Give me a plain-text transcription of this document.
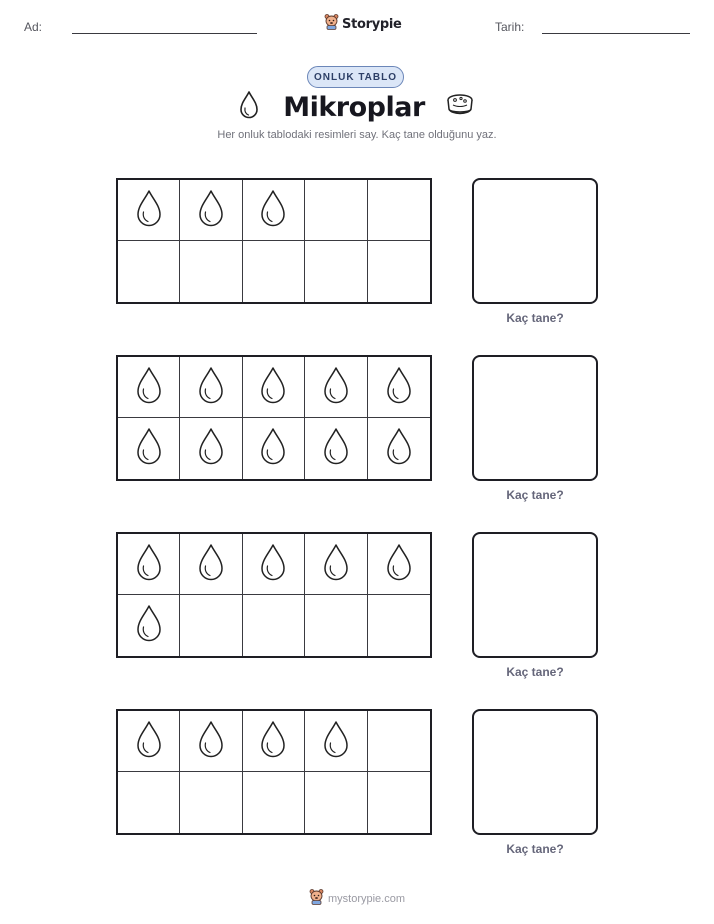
Ad:	Tarih:
Storypie
ONLUK TABLO
Mikroplar
Her onluk tablodaki resimleri say. Kaç tane olduğunu yaz.
Kaç tane?
Kaç tane?
Kaç tane?
Kaç tane?
mystorypie.com
